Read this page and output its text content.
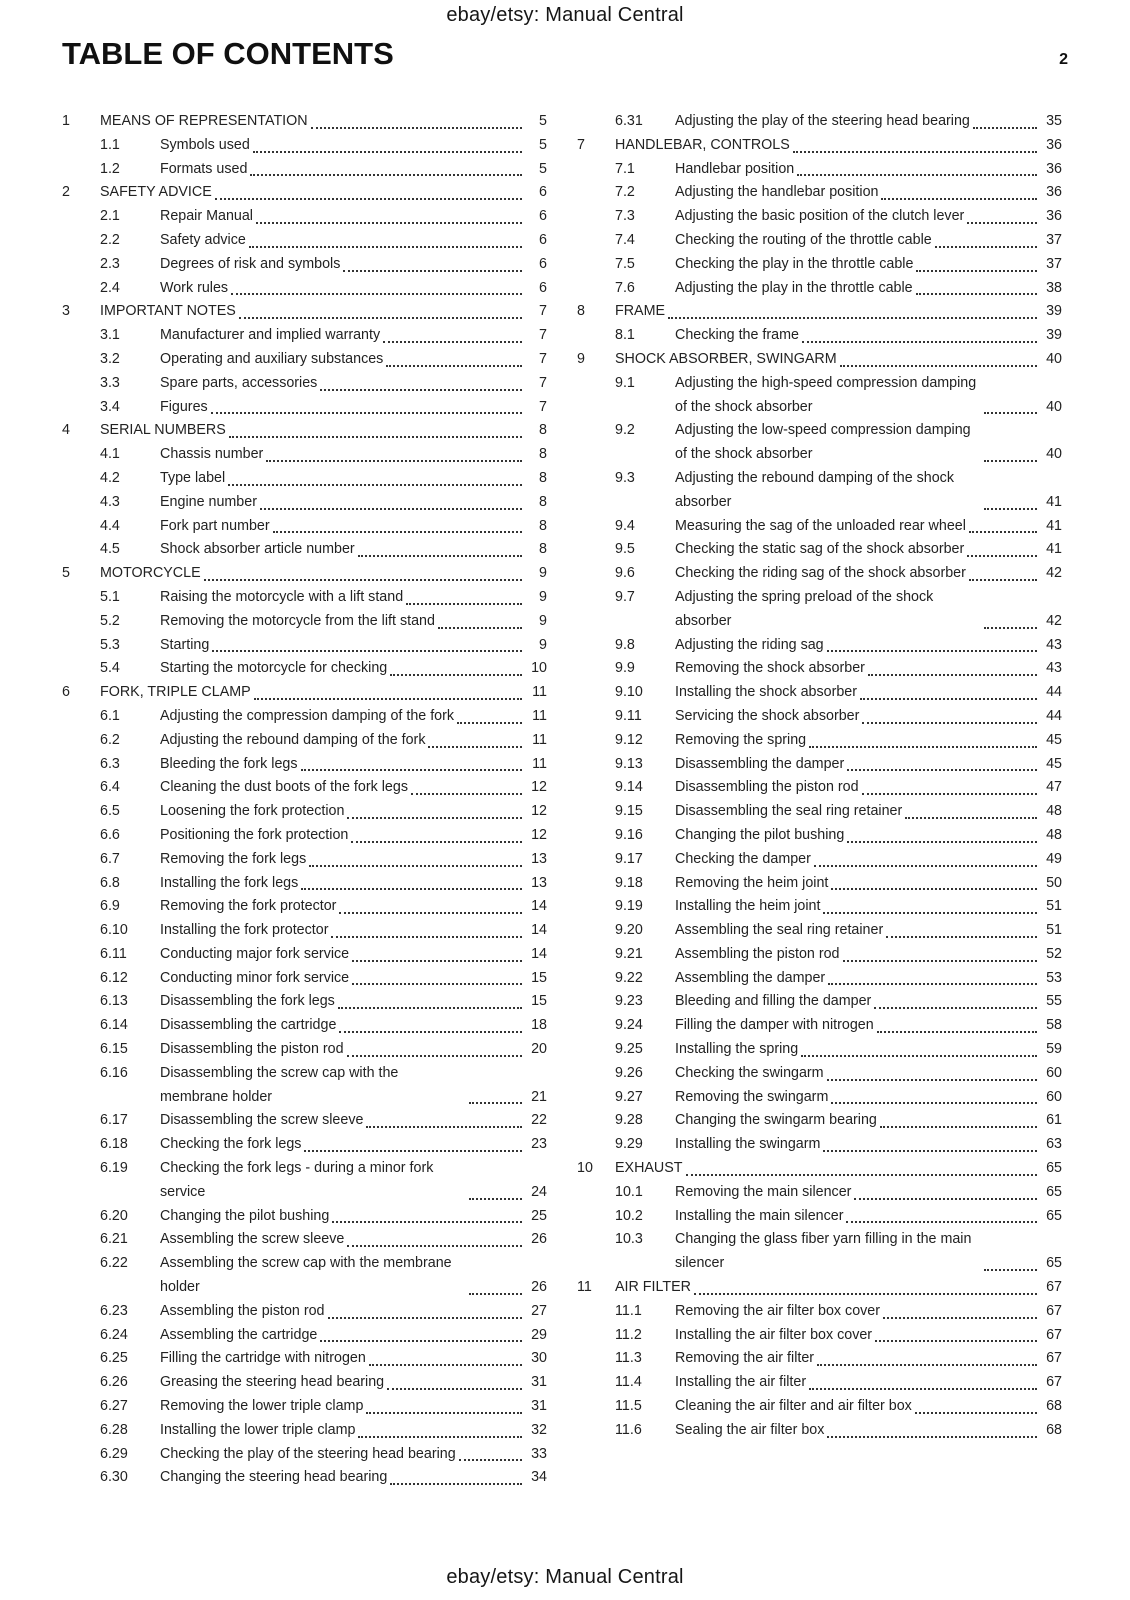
ebay/etsy: Manual Central
TABLE OF CONTENTS	2
1	MEANS OF REPRESENTATION	5
1.1	Symbols used	5
1.2	Formats used	5
2	SAFETY ADVICE	6
2.1	Repair Manual	6
2.2	Safety advice	6
2.3	Degrees of risk and symbols	6
2.4	Work rules	6
3	IMPORTANT NOTES	7
3.1	Manufacturer and implied warranty	7
3.2	Operating and auxiliary substances	7
3.3	Spare parts, accessories	7
3.4	Figures	7
4	SERIAL NUMBERS	8
4.1	Chassis number	8
4.2	Type label	8
4.3	Engine number	8
4.4	Fork part number	8
4.5	Shock absorber article number	8
5	MOTORCYCLE	9
5.1	Raising the motorcycle with a lift stand	9
5.2	Removing the motorcycle from the lift stand	9
5.3	Starting	9
5.4	Starting the motorcycle for checking	10
6	FORK, TRIPLE CLAMP	11
6.1	Adjusting the compression damping of the fork	11
6.2	Adjusting the rebound damping of the fork	11
6.3	Bleeding the fork legs	11
6.4	Cleaning the dust boots of the fork legs	12
6.5	Loosening the fork protection	12
6.6	Positioning the fork protection	12
6.7	Removing the fork legs	13
6.8	Installing the fork legs	13
6.9	Removing the fork protector	14
6.10	Installing the fork protector	14
6.11	Conducting major fork service	14
6.12	Conducting minor fork service	15
6.13	Disassembling the fork legs	15
6.14	Disassembling the cartridge	18
6.15	Disassembling the piston rod	20
6.16	Disassembling the screw cap with the membrane holder	21
6.17	Disassembling the screw sleeve	22
6.18	Checking the fork legs	23
6.19	Checking the fork legs - during a minor fork service	24
6.20	Changing the pilot bushing	25
6.21	Assembling the screw sleeve	26
6.22	Assembling the screw cap with the membrane holder	26
6.23	Assembling the piston rod	27
6.24	Assembling the cartridge	29
6.25	Filling the cartridge with nitrogen	30
6.26	Greasing the steering head bearing	31
6.27	Removing the lower triple clamp	31
6.28	Installing the lower triple clamp	32
6.29	Checking the play of the steering head bearing	33
6.30	Changing the steering head bearing	34
6.31	Adjusting the play of the steering head bearing	35
7	HANDLEBAR, CONTROLS	36
7.1	Handlebar position	36
7.2	Adjusting the handlebar position	36
7.3	Adjusting the basic position of the clutch lever	36
7.4	Checking the routing of the throttle cable	37
7.5	Checking the play in the throttle cable	37
7.6	Adjusting the play in the throttle cable	38
8	FRAME	39
8.1	Checking the frame	39
9	SHOCK ABSORBER, SWINGARM	40
9.1	Adjusting the high-speed compression damping of the shock absorber	40
9.2	Adjusting the low-speed compression damping of the shock absorber	40
9.3	Adjusting the rebound damping of the shock absorber	41
9.4	Measuring the sag of the unloaded rear wheel	41
9.5	Checking the static sag of the shock absorber	41
9.6	Checking the riding sag of the shock absorber	42
9.7	Adjusting the spring preload of the shock absorber	42
9.8	Adjusting the riding sag	43
9.9	Removing the shock absorber	43
9.10	Installing the shock absorber	44
9.11	Servicing the shock absorber	44
9.12	Removing the spring	45
9.13	Disassembling the damper	45
9.14	Disassembling the piston rod	47
9.15	Disassembling the seal ring retainer	48
9.16	Changing the pilot bushing	48
9.17	Checking the damper	49
9.18	Removing the heim joint	50
9.19	Installing the heim joint	51
9.20	Assembling the seal ring retainer	51
9.21	Assembling the piston rod	52
9.22	Assembling the damper	53
9.23	Bleeding and filling the damper	55
9.24	Filling the damper with nitrogen	58
9.25	Installing the spring	59
9.26	Checking the swingarm	60
9.27	Removing the swingarm	60
9.28	Changing the swingarm bearing	61
9.29	Installing the swingarm	63
10	EXHAUST	65
10.1	Removing the main silencer	65
10.2	Installing the main silencer	65
10.3	Changing the glass fiber yarn filling in the main silencer	65
11	AIR FILTER	67
11.1	Removing the air filter box cover	67
11.2	Installing the air filter box cover	67
11.3	Removing the air filter	67
11.4	Installing the air filter	67
11.5	Cleaning the air filter and air filter box	68
11.6	Sealing the air filter box	68
ebay/etsy: Manual Central
